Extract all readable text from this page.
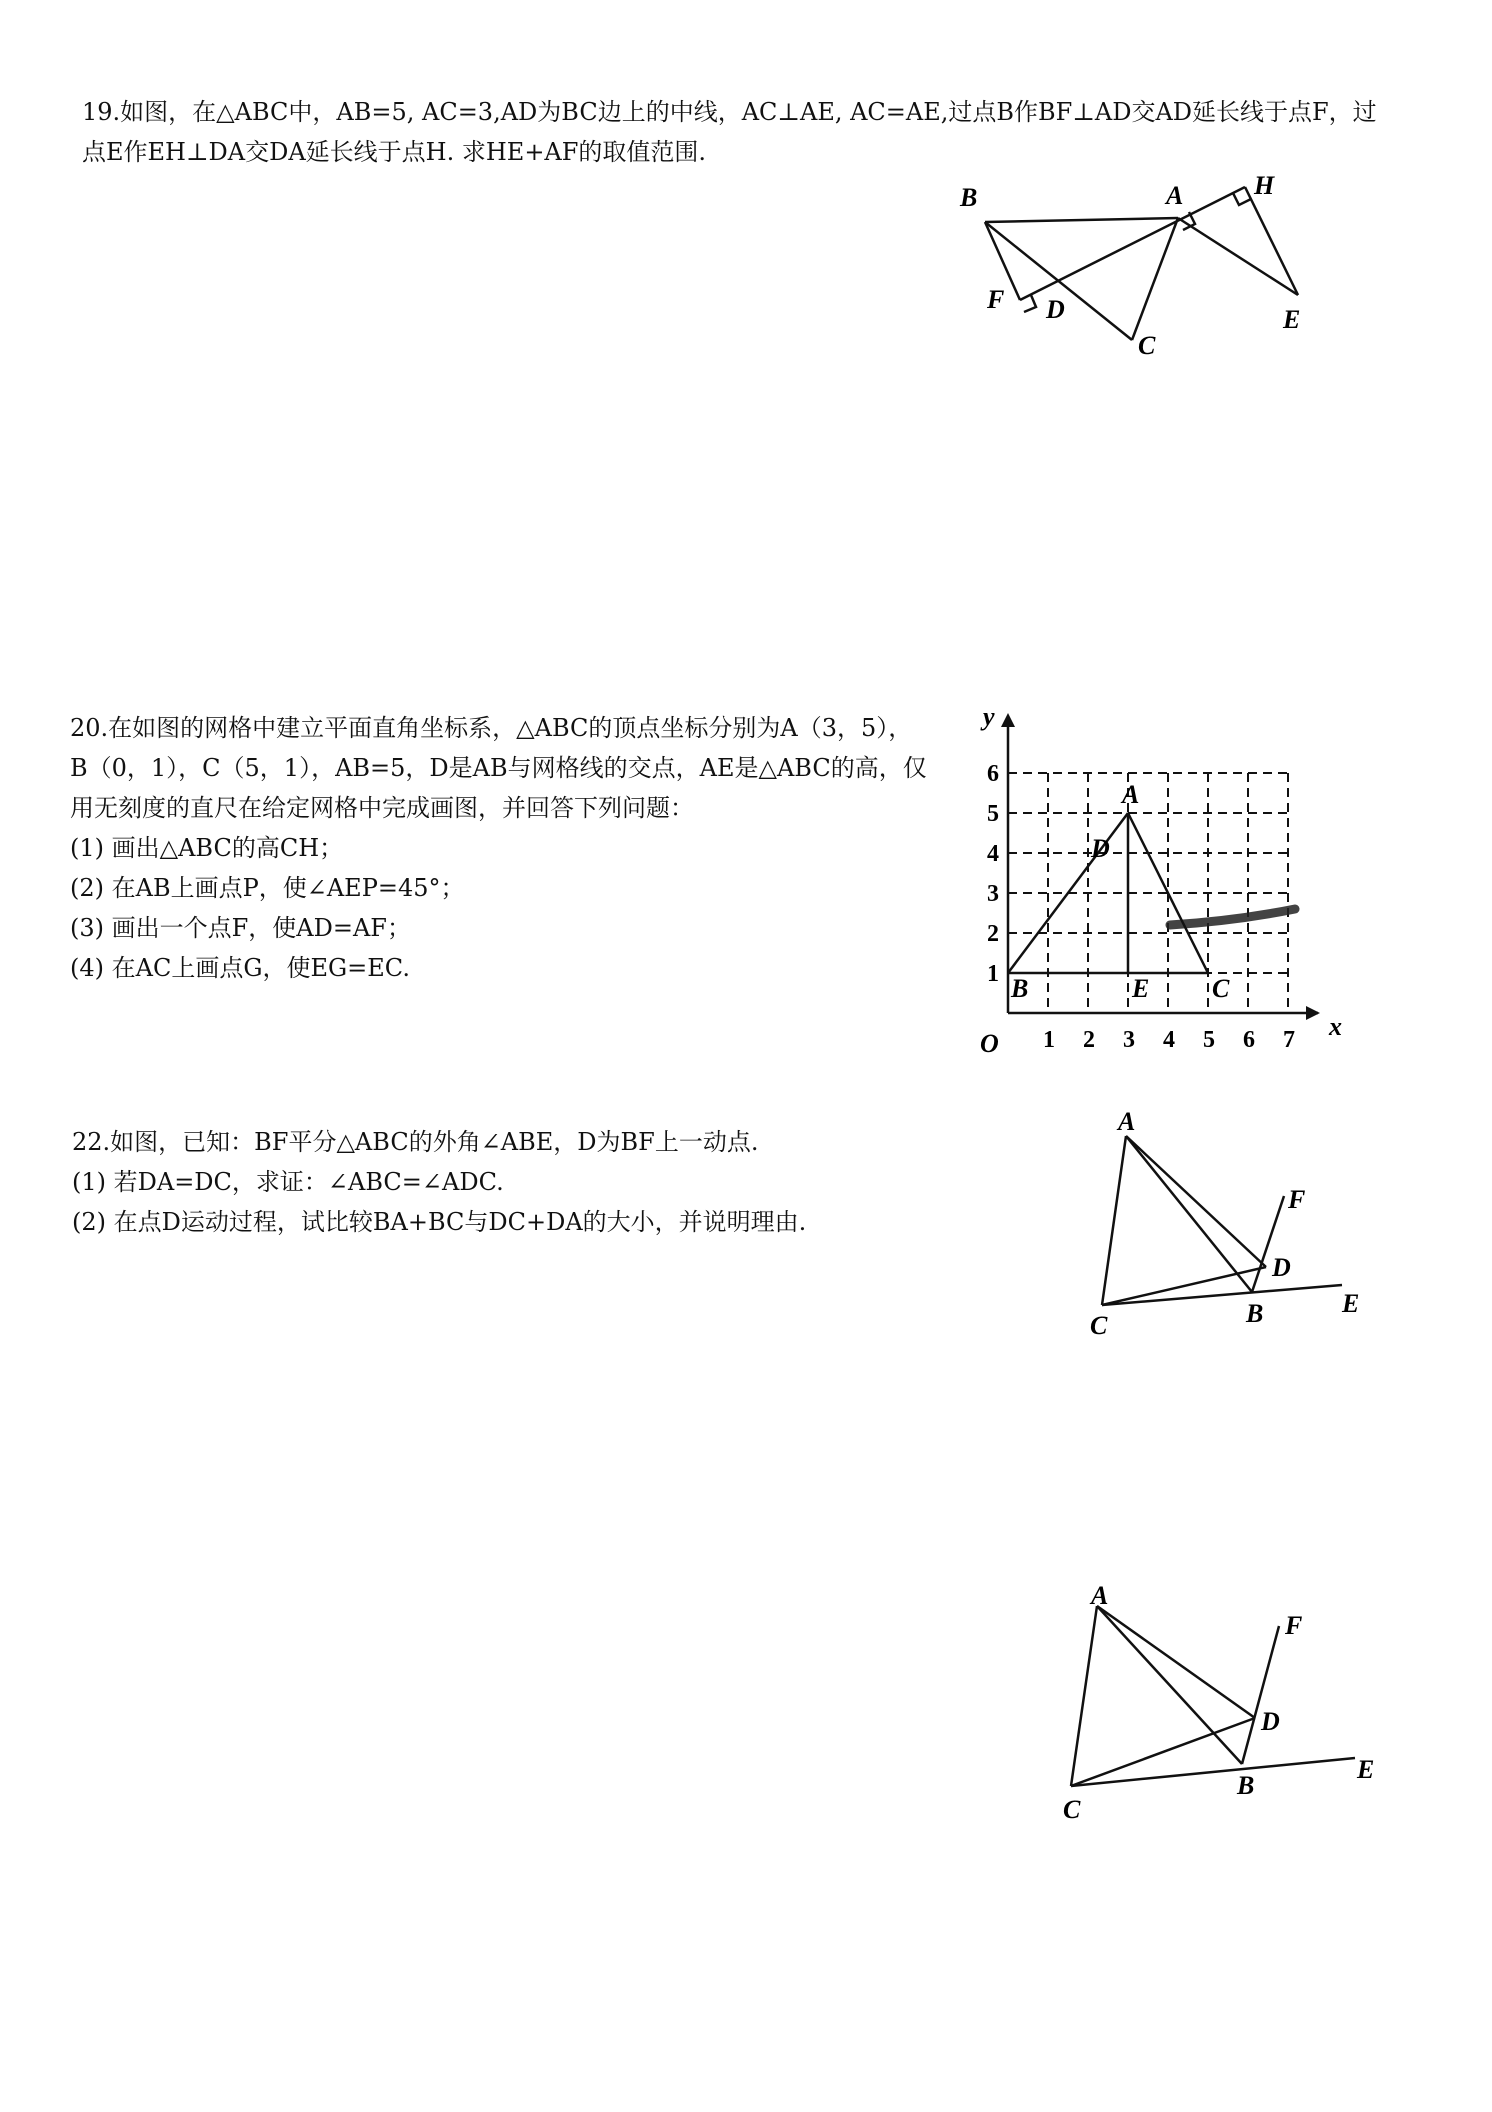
19.如图，在△ABC中，AB=5, AC=3,AD为BC边上的中线，AC⊥AE, AC=AE,过点B作BF⊥AD交AD延长线于点F，过

点E作EH⊥DA交DA延长线于点H. 求HE+AF的取值范围.

B	A	H
F D
C
E

20.在如图的网格中建立平面直角坐标系，△ABC的顶点坐标分别为A（3，5），

B（0，1），C（5，1），AB=5，D是AB与网格线的交点，AE是△ABC的高，仅

用无刻度的直尺在给定网格中完成画图，并回答下列问题：

(1) 画出△ABC的高CH；

(2) 在AB上画点P，使∠AEP=45°；

(3) 画出一个点F，使AD=AF；

(4) 在AC上画点G，使EG=EC.

1 2 3 4 5 6 7
1
2
3
4
5
6
O
x
y
A
B	C
D
E

22.如图，已知：BF平分△ABC的外角∠ABE，D为BF上一动点.

(1) 若DA=DC，求证：∠ABC=∠ADC.

(2) 在点D运动过程，试比较BA+BC与DC+DA的大小，并说明理由.

A
F
D
C	B	E
A
F
D
C
B
E
